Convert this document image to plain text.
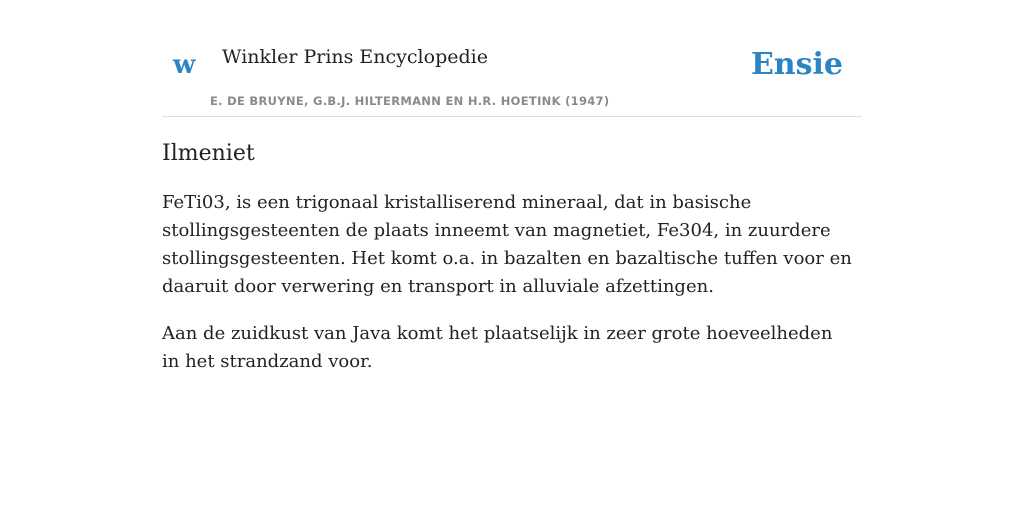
w Winkler Prins Encyclopedie
E. DE BRUYNE, G.B.J. HILTERMANN EN H.R. HOETINK (1947)
Ensie
Ilmeniet

FeTi03, is een trigonaal kristalliserend mineraal, dat in basische stollingsgesteenten de plaats inneemt van magnetiet, Fe304, in zuurdere stollingsgesteenten. Het komt o.a. in bazalten en bazaltische tuffen voor en daaruit door verwering en transport in alluviale afzettingen.

Aan de zuidkust van Java komt het plaatselijk in zeer grote hoeveelheden in het strandzand voor.
